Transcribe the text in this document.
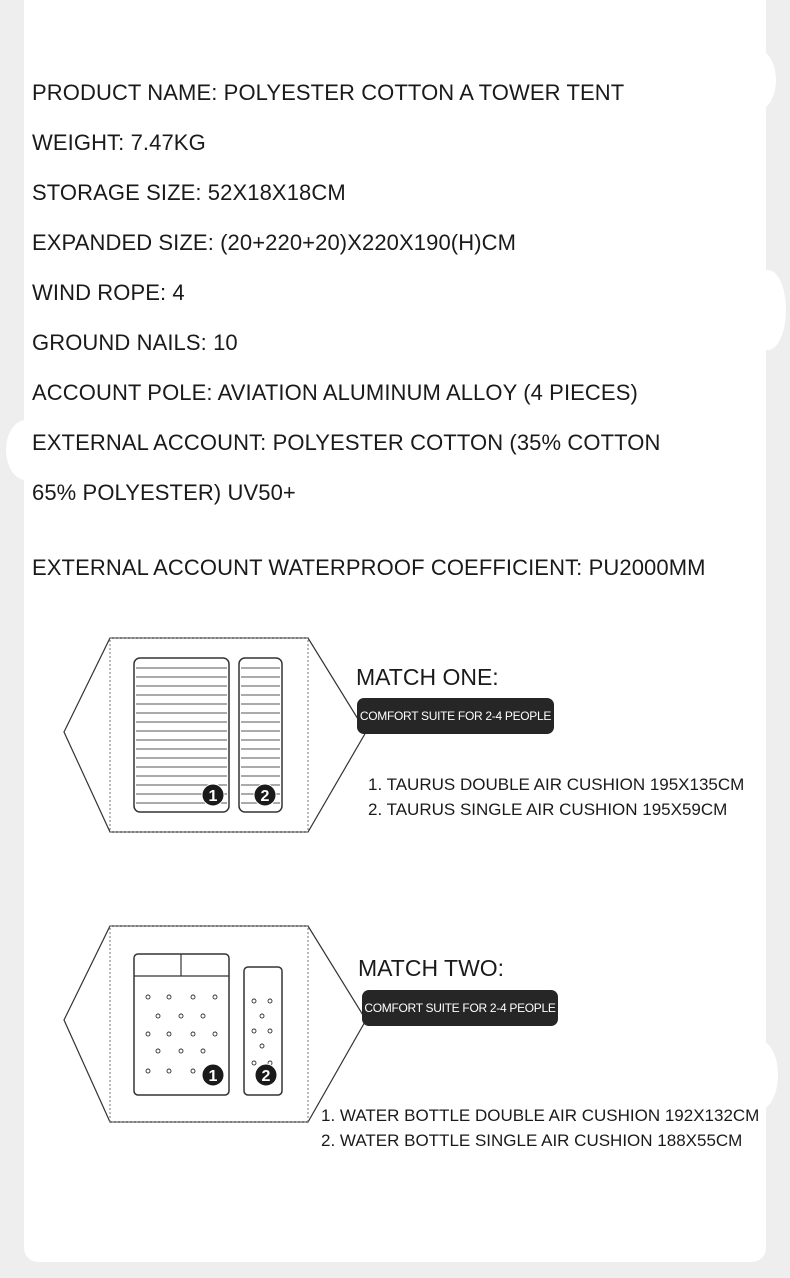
PRODUCT NAME: POLYESTER COTTON A TOWER TENT

WEIGHT: 7.47KG

STORAGE SIZE: 52X18X18CM

EXPANDED SIZE: (20+220+20)X220X190(H)CM

WIND ROPE: 4

GROUND NAILS: 10

ACCOUNT POLE: AVIATION ALUMINUM ALLOY (4 PIECES)

EXTERNAL ACCOUNT: POLYESTER COTTON (35% COTTON

65% POLYESTER) UV50+

EXTERNAL ACCOUNT WATERPROOF COEFFICIENT: PU2000MM

1	2

MATCH ONE:

COMFORT SUITE FOR 2-4 PEOPLE

1. TAURUS DOUBLE AIR CUSHION 195X135CM

2. TAURUS SINGLE AIR CUSHION 195X59CM

1	2

MATCH TWO:

COMFORT SUITE FOR 2-4 PEOPLE

1. WATER BOTTLE DOUBLE AIR CUSHION 192X132CM

2. WATER BOTTLE SINGLE AIR CUSHION 188X55CM
